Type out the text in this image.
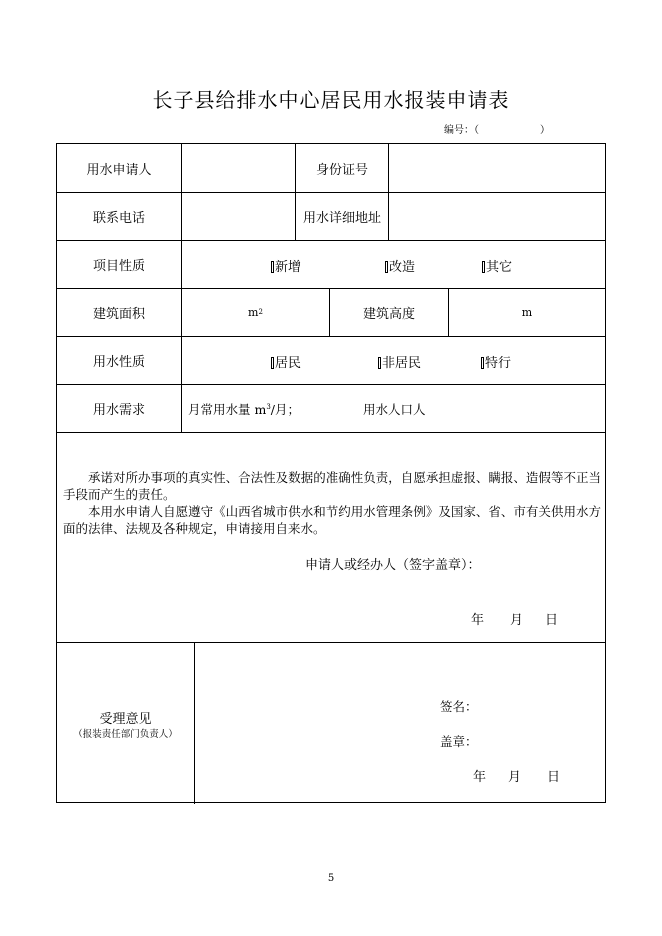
长子县给排水中心居民用水报装申请表
编号：（	）
用水申请人	身份证号
联系电话	用水详细地址
项目性质	新增	改造	其它
建筑面积	m 2	建筑高度	m
用水性质	居民	非居民	特行
用水需求	月常用水量 $m^3/$月；	用水人口人

承诺对所办事项的真实性、合法性及数据的准确性负责，自愿承担虚报、瞒报、造假等不正当手段而产生的责任。

本用水申请人自愿遵守《山西省城市供水和节约用水管理条例》及国家、省、市有关供用水方面的法律、法规及各种规定，申请接用自来水。

申请人或经办人（签字盖章）：
年 月 日
受理意见
（报装责任部门负责人）
签名：
盖章：
年 月 日
5
